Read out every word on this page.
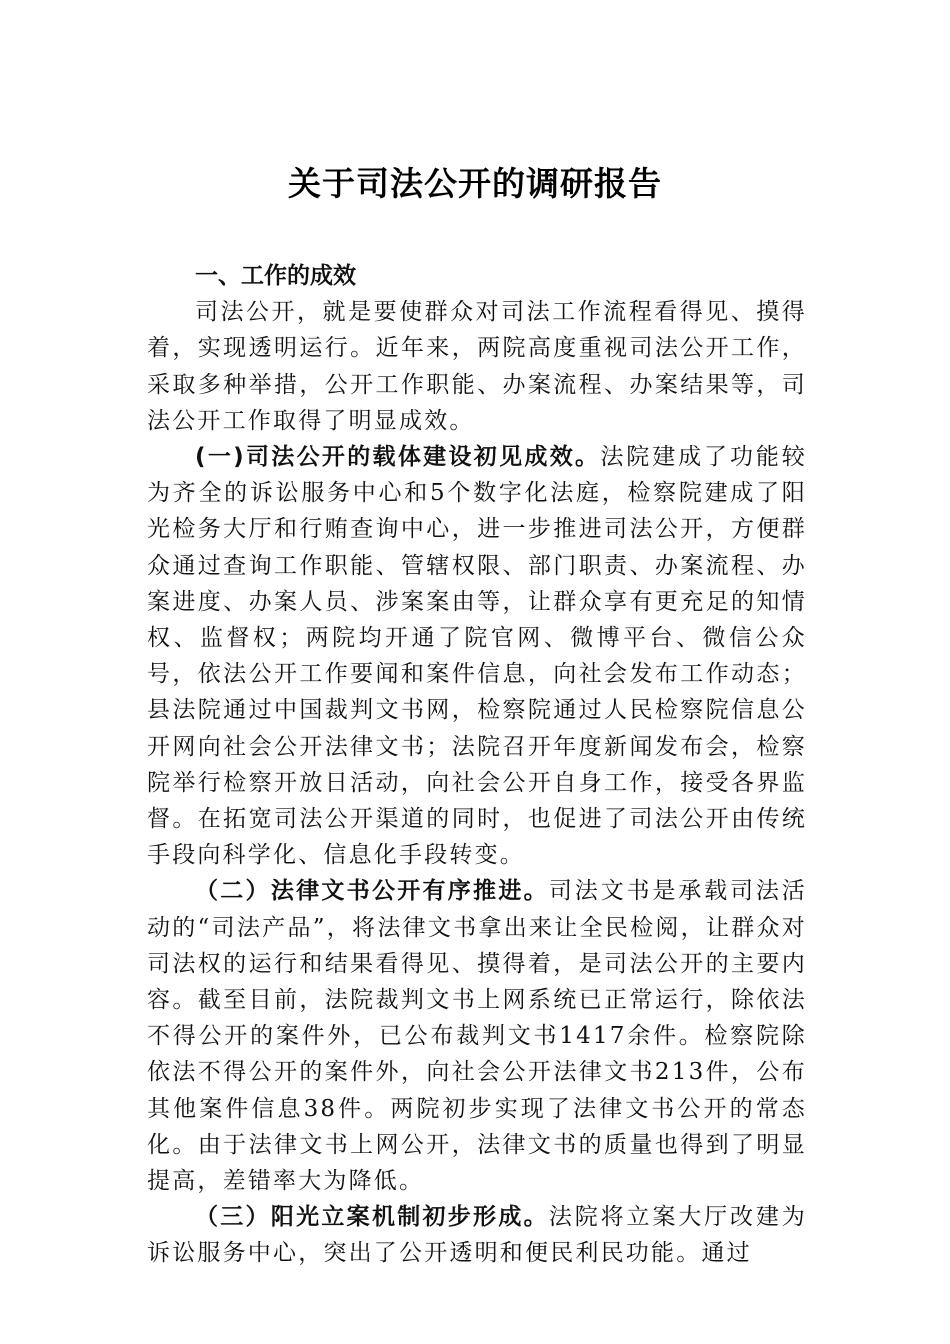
关于司法公开的调研报告

一、工作的成效

司法公开，就是要使群众对司法工作流程看得见、摸得着，实现透明运行。近年来，两院高度重视司法公开工作，采取多种举措，公开工作职能、办案流程、办案结果等，司法公开工作取得了明显成效。

(一)司法公开的载体建设初见成效。法院建成了功能较为齐全的诉讼服务中心和5个数字化法庭，检察院建成了阳光检务大厅和行贿查询中心，进一步推进司法公开，方便群众通过查询工作职能、管辖权限、部门职责、办案流程、办案进度、办案人员、涉案案由等，让群众享有更充足的知情权、监督权；两院均开通了院官网、微博平台、微信公众号，依法公开工作要闻和案件信息，向社会发布工作动态；县法院通过中国裁判文书网，检察院通过人民检察院信息公开网向社会公开法律文书；法院召开年度新闻发布会，检察院举行检察开放日活动，向社会公开自身工作，接受各界监督。在拓宽司法公开渠道的同时，也促进了司法公开由传统手段向科学化、信息化手段转变。

（二）法律文书公开有序推进。司法文书是承载司法活动的“司法产品”，将法律文书拿出来让全民检阅，让群众对司法权的运行和结果看得见、摸得着，是司法公开的主要内容。截至目前，法院裁判文书上网系统已正常运行，除依法不得公开的案件外，已公布裁判文书1417余件。检察院除依法不得公开的案件外，向社会公开法律文书213件，公布其他案件信息38件。两院初步实现了法律文书公开的常态化。由于法律文书上网公开，法律文书的质量也得到了明显提高，差错率大为降低。

（三）阳光立案机制初步形成。法院将立案大厅改建为诉讼服务中心，突出了公开透明和便民利民功能。通过
